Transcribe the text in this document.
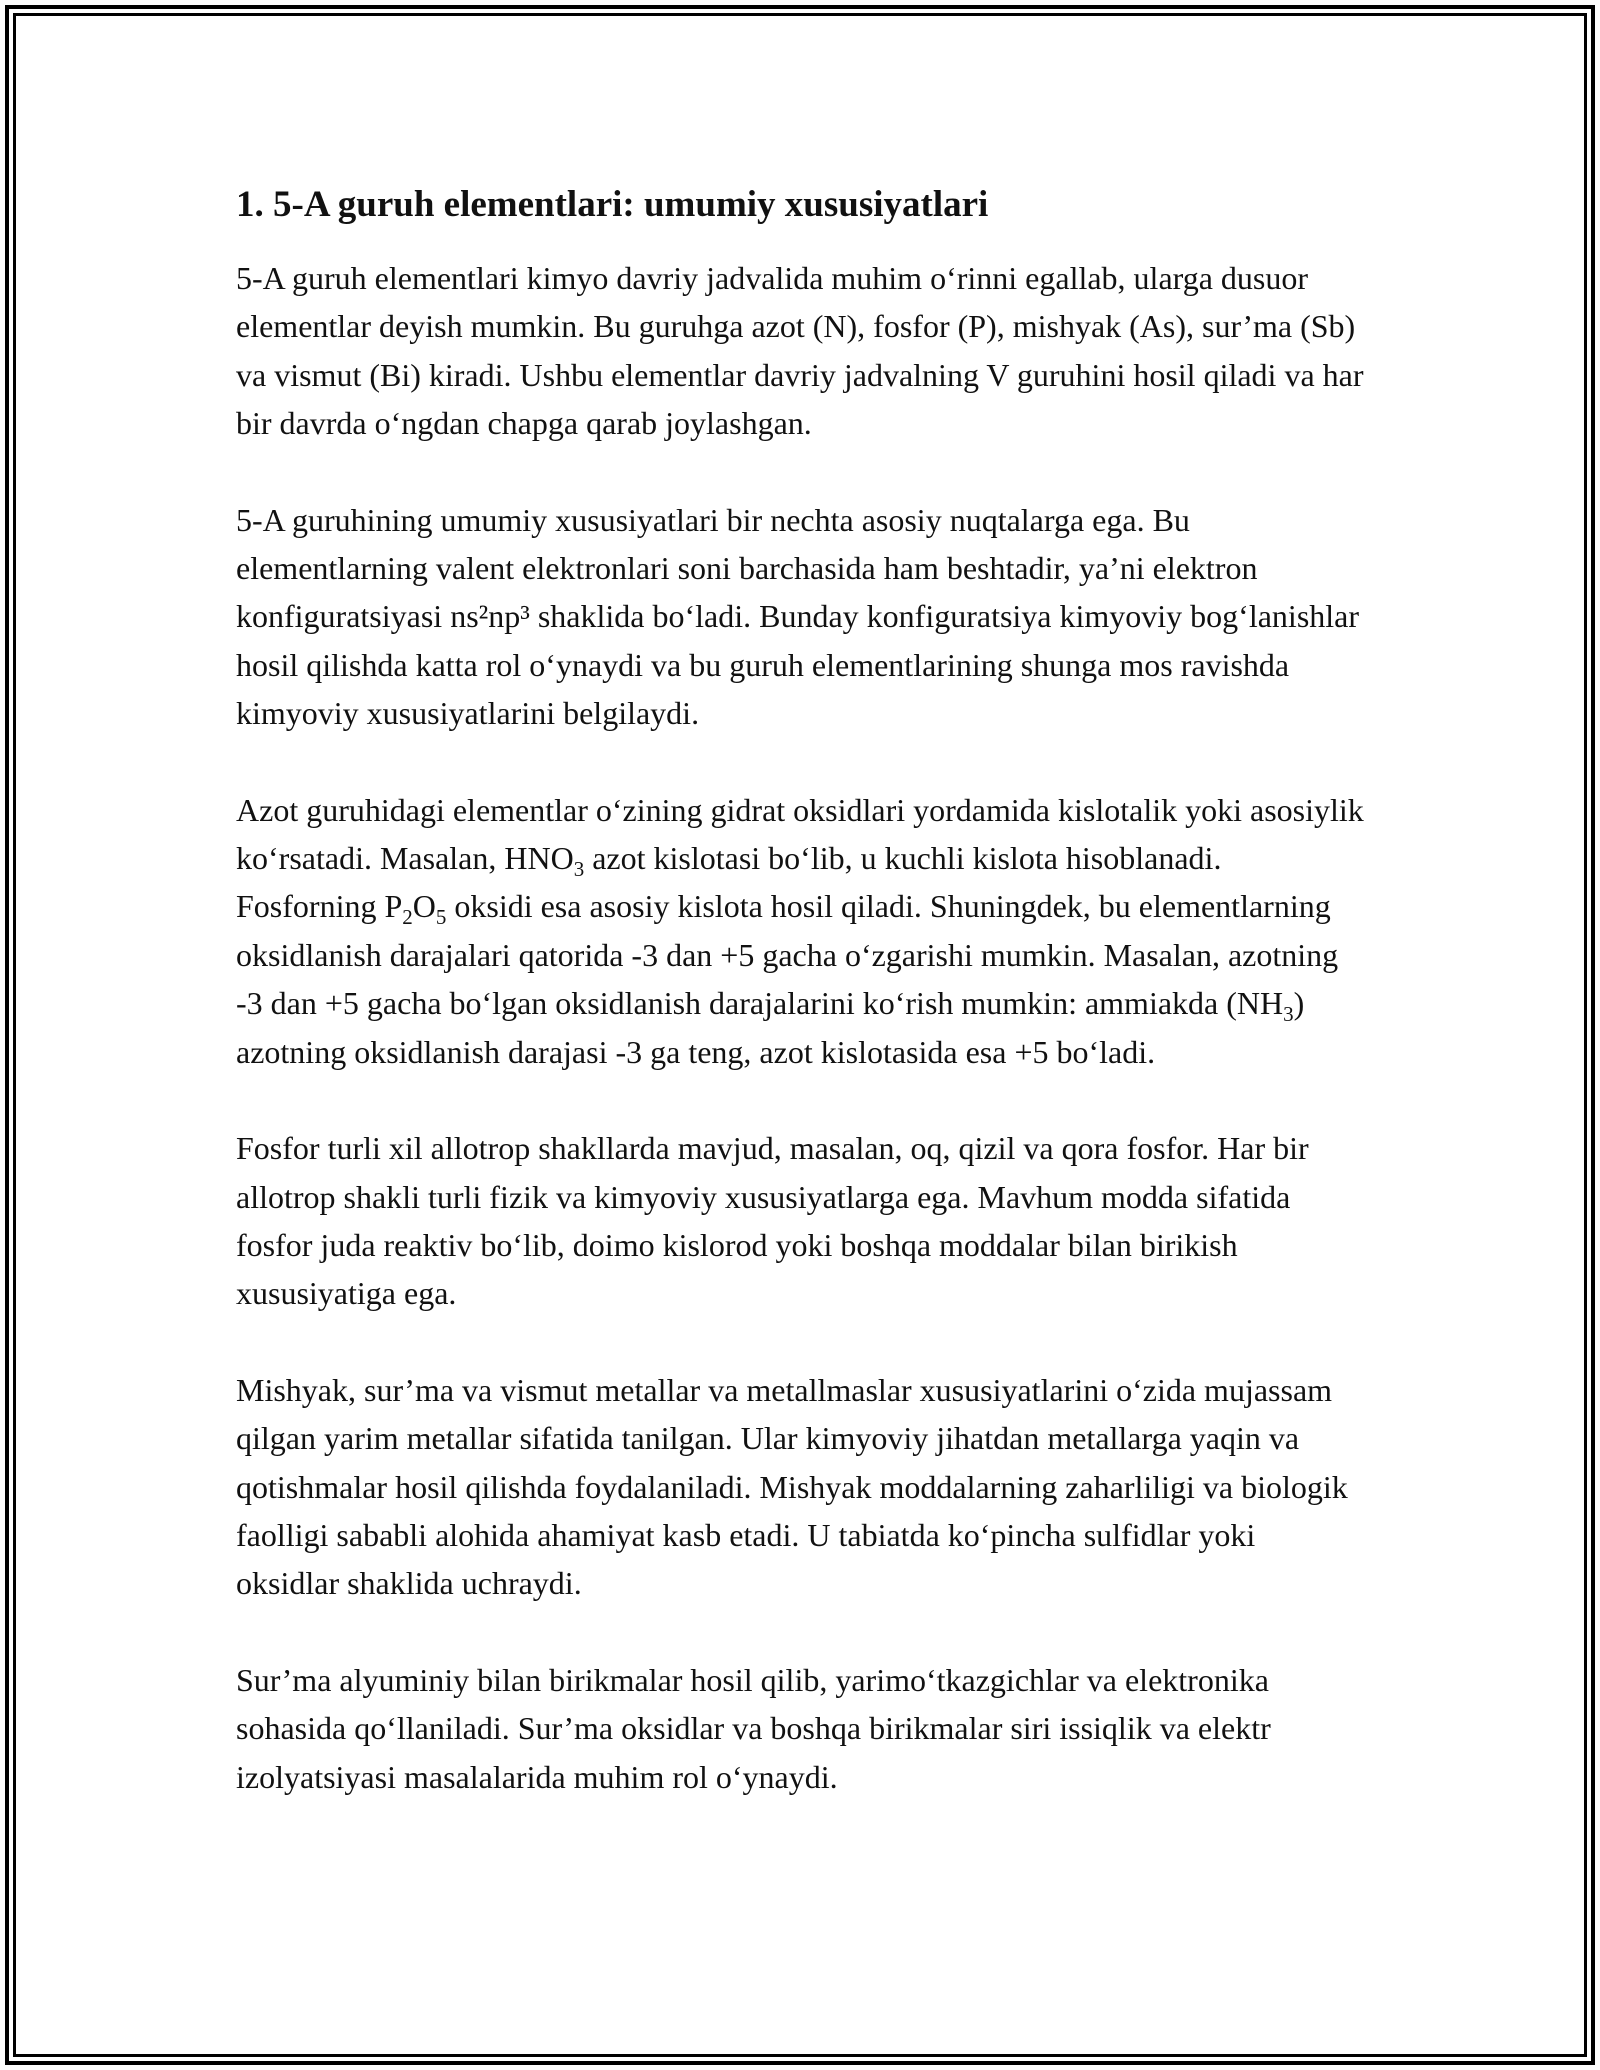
1. 5-A guruh elementlari: umumiy xususiyatlari

5-A guruh elementlari kimyo davriy jadvalida muhim o‘rinni egallab, ularga dusuor elementlar deyish mumkin. Bu guruhga azot (N), fosfor (P), mishyak (As), sur’ma (Sb) va vismut (Bi) kiradi. Ushbu elementlar davriy jadvalning V guruhini hosil qiladi va har bir davrda o‘ngdan chapga qarab joylashgan.

5-A guruhining umumiy xususiyatlari bir nechta asosiy nuqtalarga ega. Bu elementlarning valent elektronlari soni barchasida ham beshtadir, ya’ni elektron konfiguratsiyasi ns²np³ shaklida bo‘ladi. Bunday konfiguratsiya kimyoviy bog‘lanishlar hosil qilishda katta rol o‘ynaydi va bu guruh elementlarining shunga mos ravishda kimyoviy xususiyatlarini belgilaydi.

Azot guruhidagi elementlar o‘zining gidrat oksidlari yordamida kislotalik yoki asosiylik ko‘rsatadi. Masalan, $HNO_3$ azot kislotasi bo‘lib, u kuchli kislota hisoblanadi. Fosforning $P_2O_5$ oksidi esa asosiy kislota hosil qiladi. Shuningdek, bu elementlarning oksidlanish darajalari qatorida -3 dan +5 gacha o‘zgarishi mumkin. Masalan, azotning -3 dan +5 gacha bo‘lgan oksidlanish darajalarini ko‘rish mumkin: ammiakda $(NH_3)$ azotning oksidlanish darajasi -3 ga teng, azot kislotasida esa +5 bo‘ladi.

Fosfor turli xil allotrop shakllarda mavjud, masalan, oq, qizil va qora fosfor. Har bir allotrop shakli turli fizik va kimyoviy xususiyatlarga ega. Mavhum modda sifatida fosfor juda reaktiv bo‘lib, doimo kislorod yoki boshqa moddalar bilan birikish xususiyatiga ega.

Mishyak, sur’ma va vismut metallar va metallmaslar xususiyatlarini o‘zida mujassam qilgan yarim metallar sifatida tanilgan. Ular kimyoviy jihatdan metallarga yaqin va qotishmalar hosil qilishda foydalaniladi. Mishyak moddalarning zaharliligi va biologik faolligi sababli alohida ahamiyat kasb etadi. U tabiatda ko‘pincha sulfidlar yoki oksidlar shaklida uchraydi.

Sur’ma alyuminiy bilan birikmalar hosil qilib, yarimo‘tkazgichlar va elektronika sohasida qo‘llaniladi. Sur’ma oksidlar va boshqa birikmalar siri issiqlik va elektr izolyatsiyasi masalalarida muhim rol o‘ynaydi.
